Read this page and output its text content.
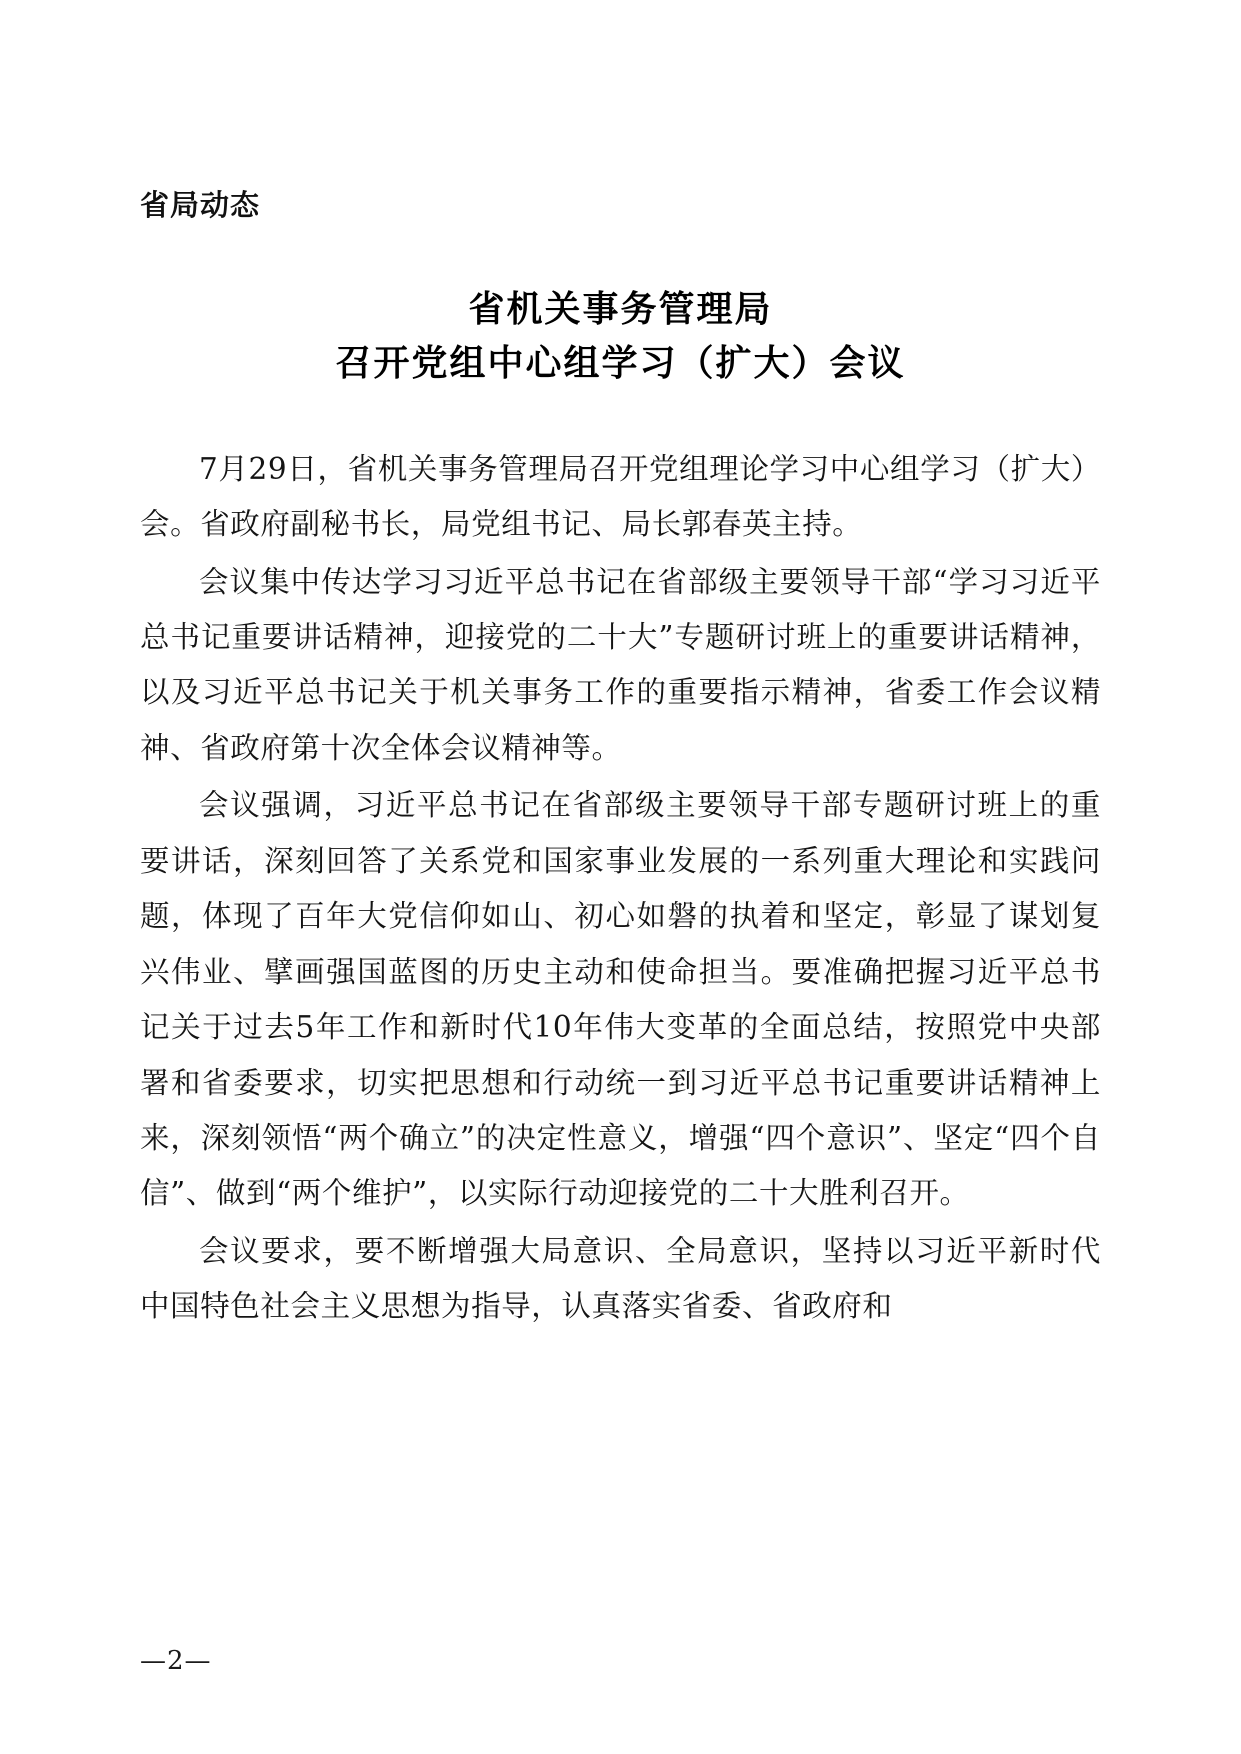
省局动态
省机关事务管理局
召开党组中心组学习（扩大）会议

7月29日，省机关事务管理局召开党组理论学习中心组学习（扩大）会。省政府副秘书长，局党组书记、局长郭春英主持。

会议集中传达学习习近平总书记在省部级主要领导干部“学习习近平总书记重要讲话精神，迎接党的二十大”专题研讨班上的重要讲话精神，以及习近平总书记关于机关事务工作的重要指示精神，省委工作会议精神、省政府第十次全体会议精神等。

会议强调，习近平总书记在省部级主要领导干部专题研讨班上的重要讲话，深刻回答了关系党和国家事业发展的一系列重大理论和实践问题，体现了百年大党信仰如山、初心如磐的执着和坚定，彰显了谋划复兴伟业、擘画强国蓝图的历史主动和使命担当。要准确把握习近平总书记关于过去5年工作和新时代10年伟大变革的全面总结，按照党中央部署和省委要求，切实把思想和行动统一到习近平总书记重要讲话精神上来，深刻领悟“两个确立”的决定性意义，增强“四个意识”、坚定“四个自信”、做到“两个维护”，以实际行动迎接党的二十大胜利召开。

会议要求，要不断增强大局意识、全局意识，坚持以习近平新时代中国特色社会主义思想为指导，认真落实省委、省政府和

—2—
